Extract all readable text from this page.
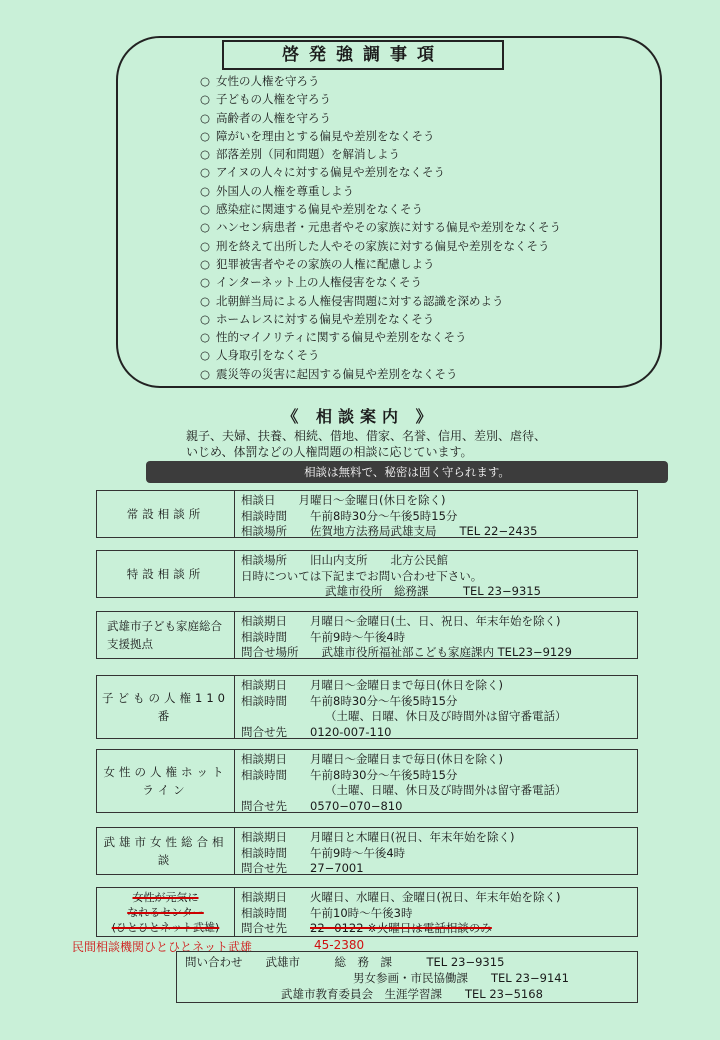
啓発強調事項
○ 女性の人権を守ろう
○ 子どもの人権を守ろう
○ 高齢者の人権を守ろう
○ 障がいを理由とする偏見や差別をなくそう
○ 部落差別（同和問題）を解消しよう
○ アイヌの人々に対する偏見や差別をなくそう
○ 外国人の人権を尊重しよう
○ 感染症に関連する偏見や差別をなくそう
○ ハンセン病患者・元患者やその家族に対する偏見や差別をなくそう
○ 刑を終えて出所した人やその家族に対する偏見や差別をなくそう
○ 犯罪被害者やその家族の人権に配慮しよう
○ インターネット上の人権侵害をなくそう
○ 北朝鮮当局による人権侵害問題に対する認識を深めよう
○ ホームレスに対する偏見や差別をなくそう
○ 性的マイノリティに関する偏見や差別をなくそう
○ 人身取引をなくそう
○ 震災等の災害に起因する偏見や差別をなくそう
《 相談案内 》
親子、夫婦、扶養、相続、借地、借家、名誉、信用、差別、虐待、
いじめ、体罰などの人権問題の相談に応じています。
相談は無料で、秘密は固く守られます。
常設相談所
相談日　　月曜日～金曜日(休日を除く)
相談時間　　午前8時30分～午後5時15分
相談場所　　佐賀地方法務局武雄支局　　TEL 22−2435
特設相談所
相談場所　　旧山内支所　　北方公民館
日時については下記までお問い合わせ下さい。
武雄市役所　総務課　　　TEL 23−9315
武雄市子ども家庭総合支援拠点
相談期日　　月曜日～金曜日(土、日、祝日、年末年始を除く)
相談時間　　午前9時～午後4時
問合せ場所　　武雄市役所福祉部こども家庭課内 TEL23−9129
子どもの人権110番
相談期日　　月曜日～金曜日まで毎日(休日を除く)
相談時間　　午前8時30分～午後5時15分
（土曜、日曜、休日及び時間外は留守番電話）
問合せ先　　0120-007-110
女性の人権ホットライン
相談期日　　月曜日～金曜日まで毎日(休日を除く)
相談時間　　午前8時30分～午後5時15分
（土曜、日曜、休日及び時間外は留守番電話）
問合せ先　　0570−070−810
武雄市女性総合相談
相談期日　　月曜日と木曜日(祝日、年末年始を除く)
相談時間　　午前9時～午後4時
問合せ先　　27−7001
女性が元気に
なれるセンター
(ひとひとネット武雄)
相談期日　　火曜日、水曜日、金曜日(祝日、年末年始を除く)
相談時間　　午前10時～午後3時
問合せ先　　 22−0122 ※火曜日は電話相談のみ
民間相談機関ひとひとネット武雄	45-2380
問い合わせ　　 武雄市　　　総　務　課　　　TEL 23−9315
男女参画・市民協働課　　TEL 23−9141
武雄市教育委員会　生涯学習課　　TEL 23−5168
